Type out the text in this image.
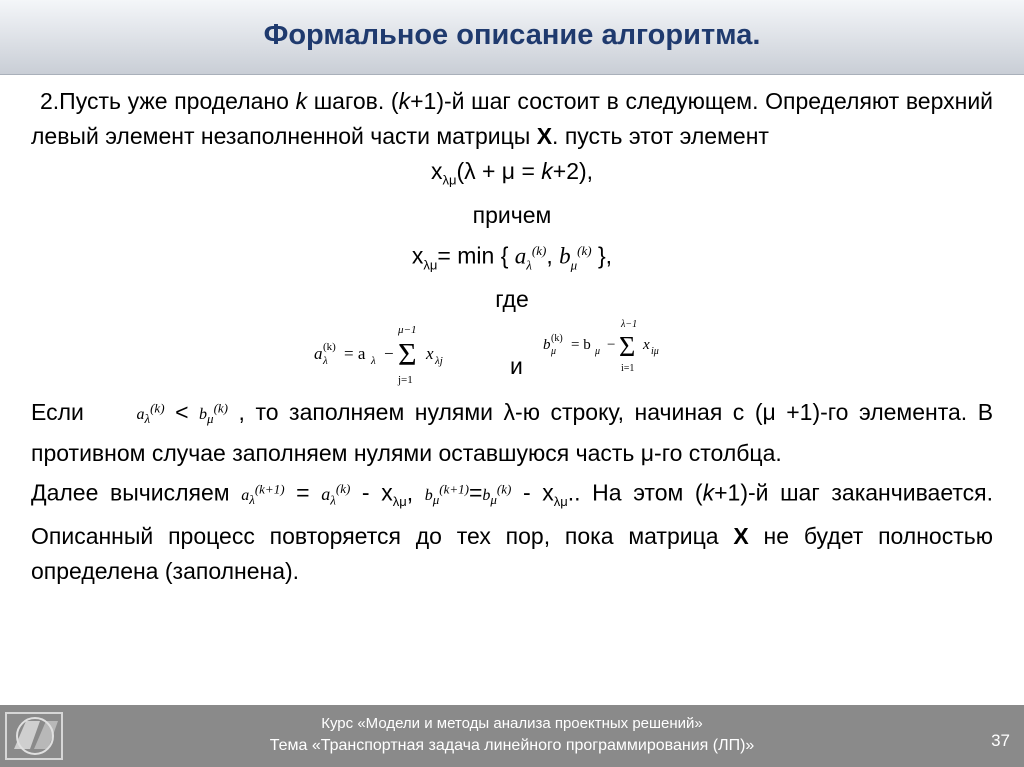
Формальное описание алгоритма.

2.Пусть уже проделано k шагов. (k+1)-й шаг состоит в следующем. Определяют верхний левый элемент незаполненной части матрицы X. пусть этот элемент

$x_{\lambda\mu}(\lambda + \mu = k+2)$,

причем

$x_{\lambda\mu}= \min$ { $a_\lambda^{(k)}$, $b_\mu^{(k)}$ },

где

a λ
(k) = a λ − Σ
μ−1
j=1
x λj	и
b μ
(k) = b μ − Σ
λ−1
i=1
x iμ

Если	$a_\lambda^{(k)} < b_\mu^{(k)}$ , то заполняем нулями λ-ю строку, начиная с (μ +1)-го элемента. В противном случае заполняем нулями оставшуюся часть μ-го столбца.

Далее вычисляем $a_\lambda^{(k+1)} = a_\lambda^{(k)} - x_{\lambda\mu}$, $b_\mu^{(k+1)}=b_\mu^{(k)} - x_{\lambda\mu}$.. На этом (k+1)-й шаг заканчивается. Описанный процесс повторяется до тех пор, пока матрица X не будет полностью определена (заполнена).

Курс «Модели и методы анализа проектных решений»
Тема «Транспортная задача линейного программирования (ЛП)»	37
